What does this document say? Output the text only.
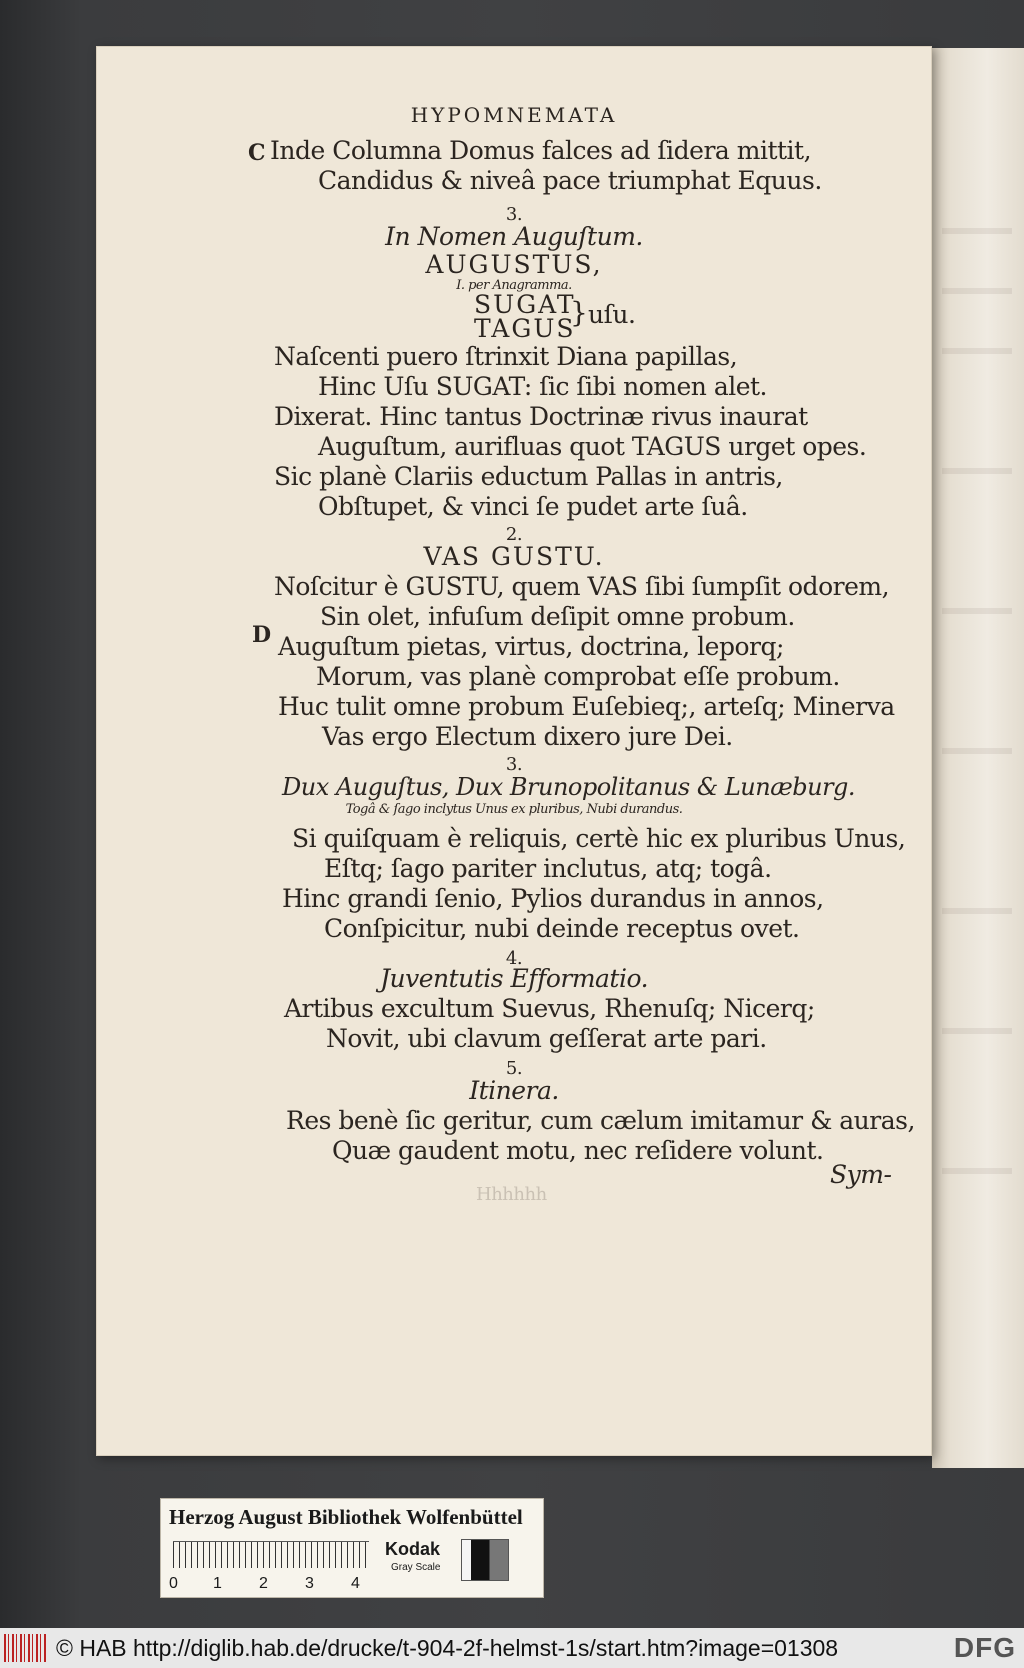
HYPOMNEMATA
C Inde Columna Domus falces ad ſidera mittit,
Candidus & niveâ pace triumphat Equus.
3.
In Nomen Auguſtum.
AUGUSTUS,
I. per Anagramma.
SUGAT
TAGUS
} uſu.
Naſcenti puero ſtrinxit Diana papillas,
Hinc Uſu SUGAT: ſic ſibi nomen alet.
Dixerat. Hinc tantus Doctrinæ rivus inaurat
Auguſtum, aurifluas quot TAGUS urget opes.
Sic planè Clariis eductum Pallas in antris,
Obſtupet, & vinci ſe pudet arte ſuâ.
2.
VAS GUSTU.
Noſcitur è GUSTU, quem VAS ſibi ſumpſit odorem,
Sin olet, infuſum deſipit omne probum.
D Auguſtum pietas, virtus, doctrina, leporq;
Morum, vas planè comprobat eſſe probum.
Huc tulit omne probum Euſebieq;, arteſq; Minerva
Vas ergo Electum dixero jure Dei.
3.
Dux Auguſtus, Dux Brunopolitanus & Lunæburg.
Togâ & ſago inclytus Unus ex pluribus, Nubi durandus.
Si quiſquam è reliquis, certè hic ex pluribus Unus,
Eſtq; ſago pariter inclutus, atq; togâ.
Hinc grandi ſenio, Pylios durandus in annos,
Conſpicitur, nubi deinde receptus ovet.
4.
Juventutis Efformatio.
Artibus excultum Suevus, Rhenuſq; Nicerq;
Novit, ubi clavum geſſerat arte pari.
5.
Itinera.
Res benè ſic geritur, cum cælum imitamur & auras,
Quæ gaudent motu, nec reſidere volunt.
Hhhhhh
Sym-
Herzog August Bibliothek Wolfenbüttel
0 1 2 3 4
Kodak
Gray Scale
© HAB http://diglib.hab.de/drucke/t-904-2f-helmst-1s/start.htm?image=01308	DFG
